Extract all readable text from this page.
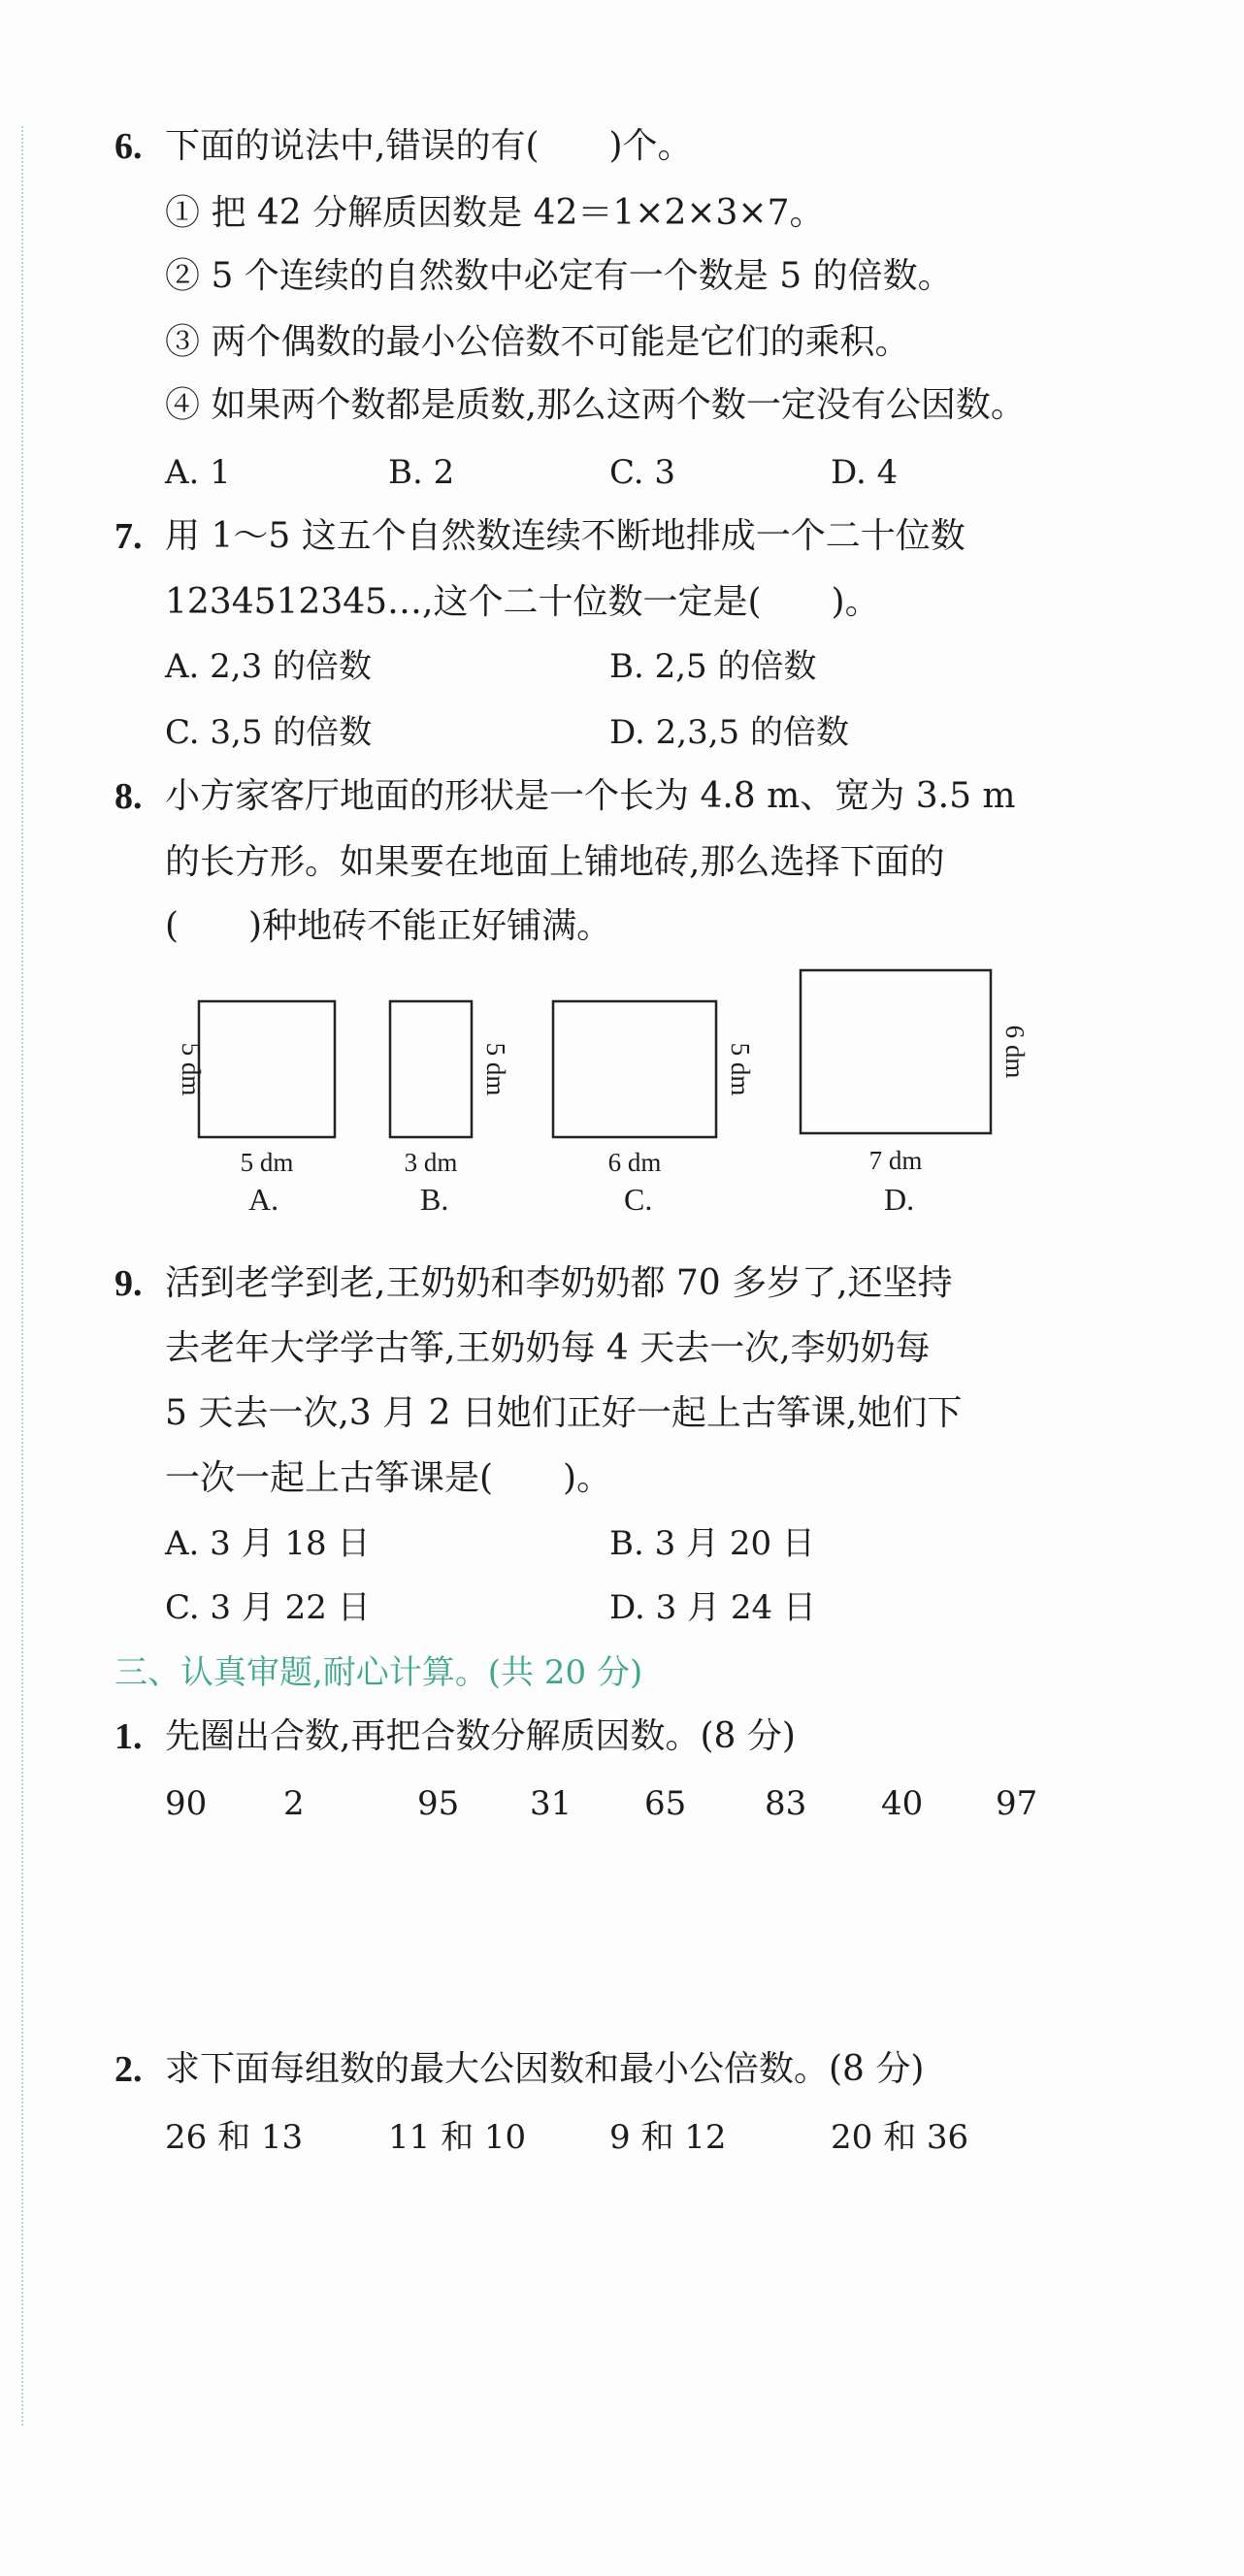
6. 下面的说法中,错误的有(　　)个。
① 把 42 分解质因数是 42＝1×2×3×7。
② 5 个连续的自然数中必定有一个数是 5 的倍数。
③ 两个偶数的最小公倍数不可能是它们的乘积。
④ 如果两个数都是质数,那么这两个数一定没有公因数。
A. 1	B. 2	C. 3	D. 4
7. 用 1～5 这五个自然数连续不断地排成一个二十位数
1234512345…,这个二十位数一定是(　　)。
A. 2,3 的倍数	B. 2,5 的倍数
C. 3,5 的倍数	D. 2,3,5 的倍数
8. 小方家客厅地面的形状是一个长为 4.8 m、宽为 3.5 m
的长方形。如果要在地面上铺地砖,那么选择下面的
(　　)种地砖不能正好铺满。
5 dm
5 dm
A.
3 dm
5 dm
B.
6 dm
5 dm
C.
7 dm
6 dm
D.
9. 活到老学到老,王奶奶和李奶奶都 70 多岁了,还坚持
去老年大学学古筝,王奶奶每 4 天去一次,李奶奶每
5 天去一次,3 月 2 日她们正好一起上古筝课,她们下
一次一起上古筝课是(　　)。
A. 3 月 18 日	B. 3 月 20 日
C. 3 月 22 日	D. 3 月 24 日
三、认真审题,耐心计算。(共 20 分)
1. 先圈出合数,再把合数分解质因数。(8 分)
90 2	95 31 65 83 40 97
2. 求下面每组数的最大公因数和最小公倍数。(8 分)
26 和 13	11 和 10	9 和 12	20 和 36
